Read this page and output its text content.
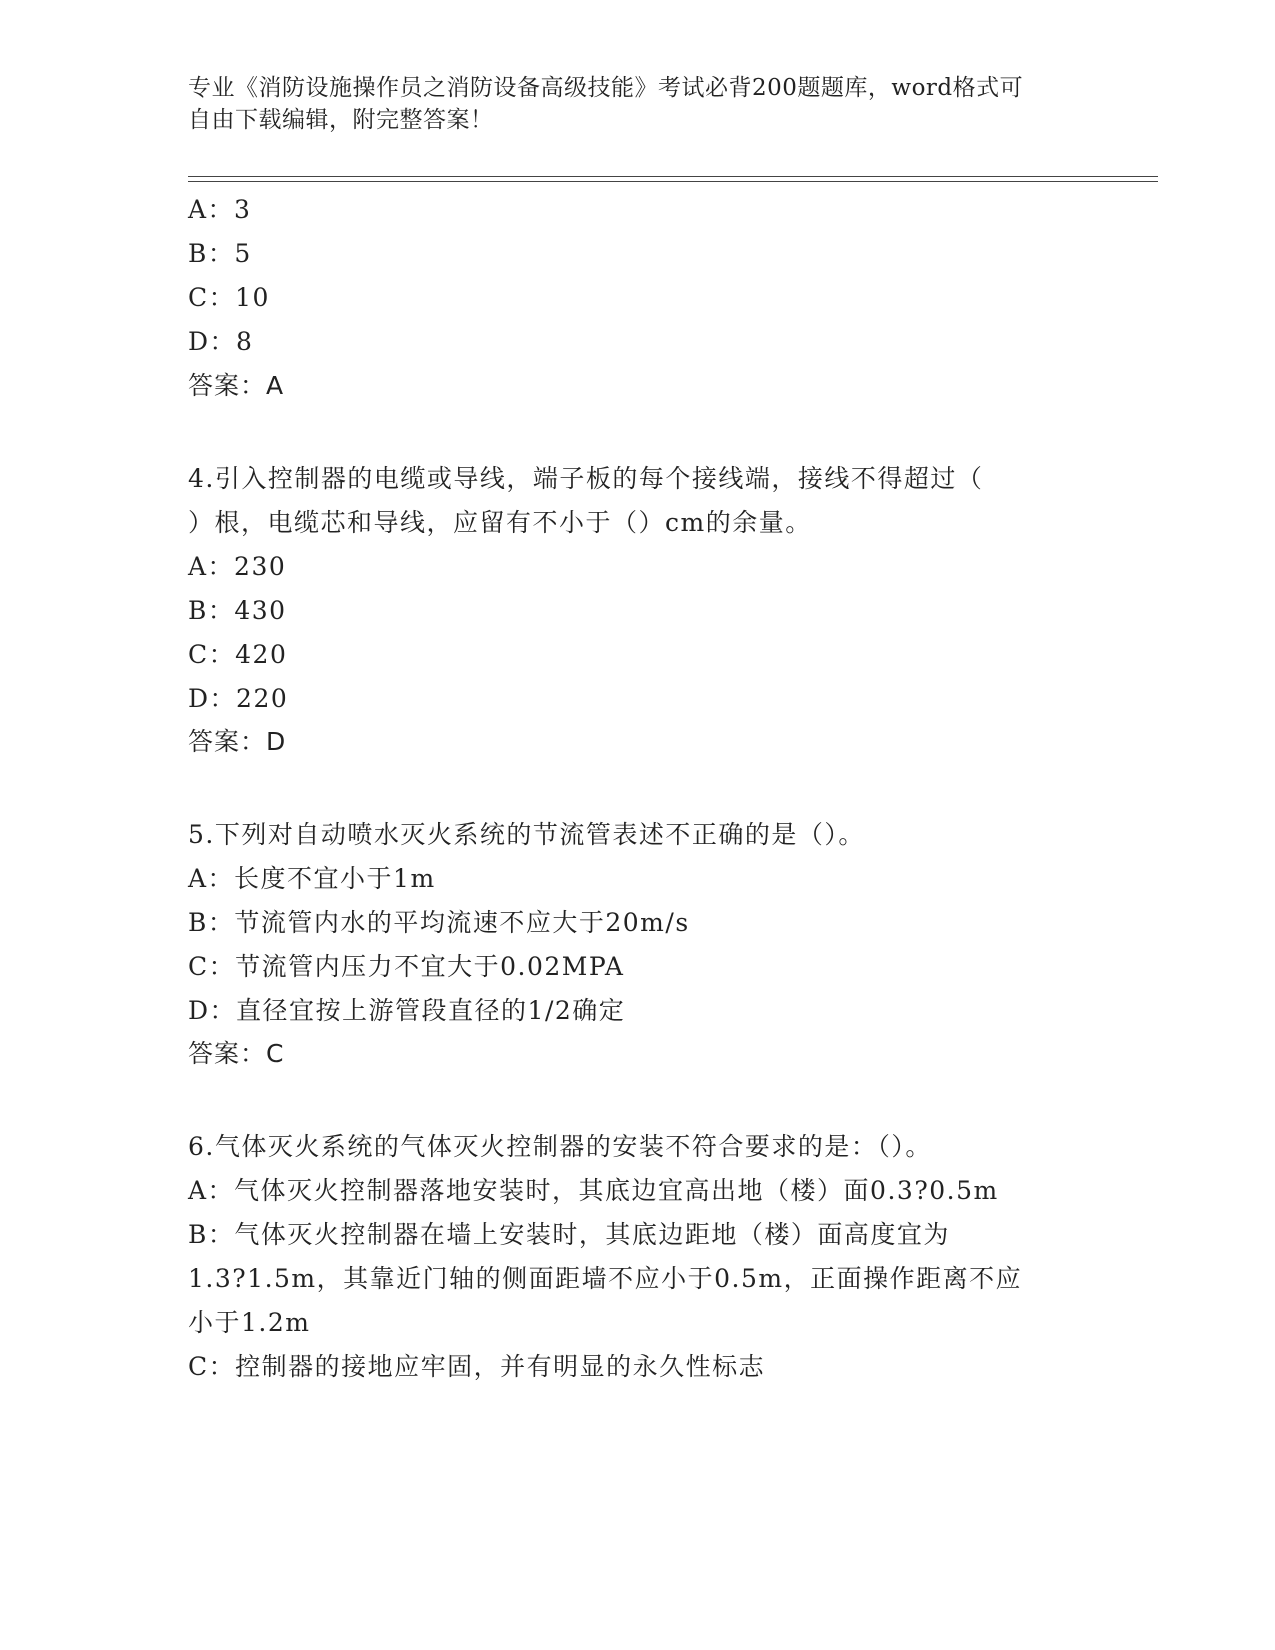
专业《消防设施操作员之消防设备高级技能》考试必背200题题库，word格式可
自由下载编辑，附完整答案！
A：3
B：5
C：10
D：8
答案：A
4.引入控制器的电缆或导线，端子板的每个接线端，接线不得超过（
）根，电缆芯和导线，应留有不小于（）cm的余量。
A：230
B：430
C：420
D：220
答案：D
5.下列对自动喷水灭火系统的节流管表述不正确的是（）。
A：长度不宜小于1m
B：节流管内水的平均流速不应大于20m/s
C：节流管内压力不宜大于0.02MPA
D：直径宜按上游管段直径的1/2确定
答案：C
6.气体灭火系统的气体灭火控制器的安装不符合要求的是：（）。
A：气体灭火控制器落地安装时，其底边宜高出地（楼）面0.3?0.5m
B：气体灭火控制器在墙上安装时，其底边距地（楼）面高度宜为
1.3?1.5m，其靠近门轴的侧面距墙不应小于0.5m，正面操作距离不应
小于1.2m
C：控制器的接地应牢固，并有明显的永久性标志
